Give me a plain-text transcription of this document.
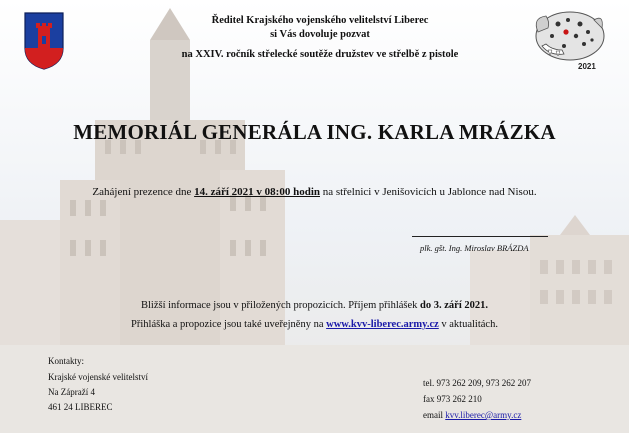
2021
Ředitel Krajského vojenského velitelství Liberec
si Vás dovoluje pozvat
na XXIV. ročník střelecké soutěže družstev ve střelbě z pistole
MEMORIÁL GENERÁLA ING. KARLA MRÁZKA
Zahájení prezence dne 14. září 2021 v 08:00 hodin na střelnici v Jenišovicích u Jablonce nad Nisou.
plk. gšt. Ing. Miroslav BRÁZDA
Bližší informace jsou v přiložených propozicích. Příjem přihlášek do 3. září 2021.
Přihláška a propozice jsou také uveřejněny na www.kvv-liberec.army.cz v aktualitách.
Kontakty:
Krajské vojenské velitelství
Na Zápraží 4
461 24 LIBEREC
tel. 973 262 209, 973 262 207
fax 973 262 210
email kvv.liberec@army.cz
